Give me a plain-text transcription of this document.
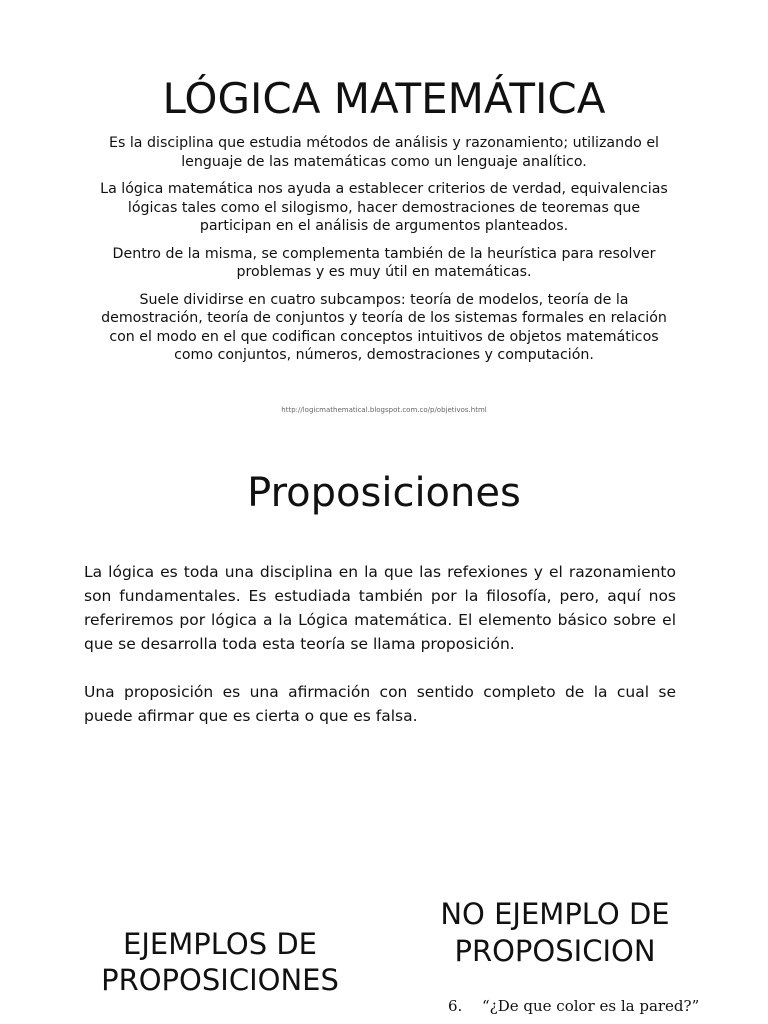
LÓGICA MATEMÁTICA

Es la disciplina que estudia métodos de análisis y razonamiento; utilizando el lenguaje de las matemáticas como un lenguaje analítico.

La lógica matemática nos ayuda a establecer criterios de verdad, equivalencias lógicas tales como el silogismo, hacer demostraciones de teoremas que participan en el análisis de argumentos planteados.

Dentro de la misma, se complementa también de la heurística para resolver problemas y es muy útil en matemáticas.

Suele dividirse en cuatro subcampos: teoría de modelos, teoría de la demostración, teoría de conjuntos y teoría de los sistemas formales en relación con el modo en el que codifican conceptos intuitivos de objetos matemáticos como conjuntos, números, demostraciones y computación.

http://logicmathematical.blogspot.com.co/p/objetivos.html
Proposiciones

La lógica es toda una disciplina en la que las refexiones y el razonamiento son fundamentales. Es estudiada también por la filosofía, pero, aquí nos referiremos por lógica a la Lógica matemática. El elemento básico sobre el que se desarrolla toda esta teoría se llama proposición.

Una proposición es una afirmación con sentido completo de la cual se puede afirmar que es cierta o que es falsa.

EJEMPLOS DE PROPOSICIONES
NO EJEMPLO DE PROPOSICION
6. “¿De que color es la pared?”
